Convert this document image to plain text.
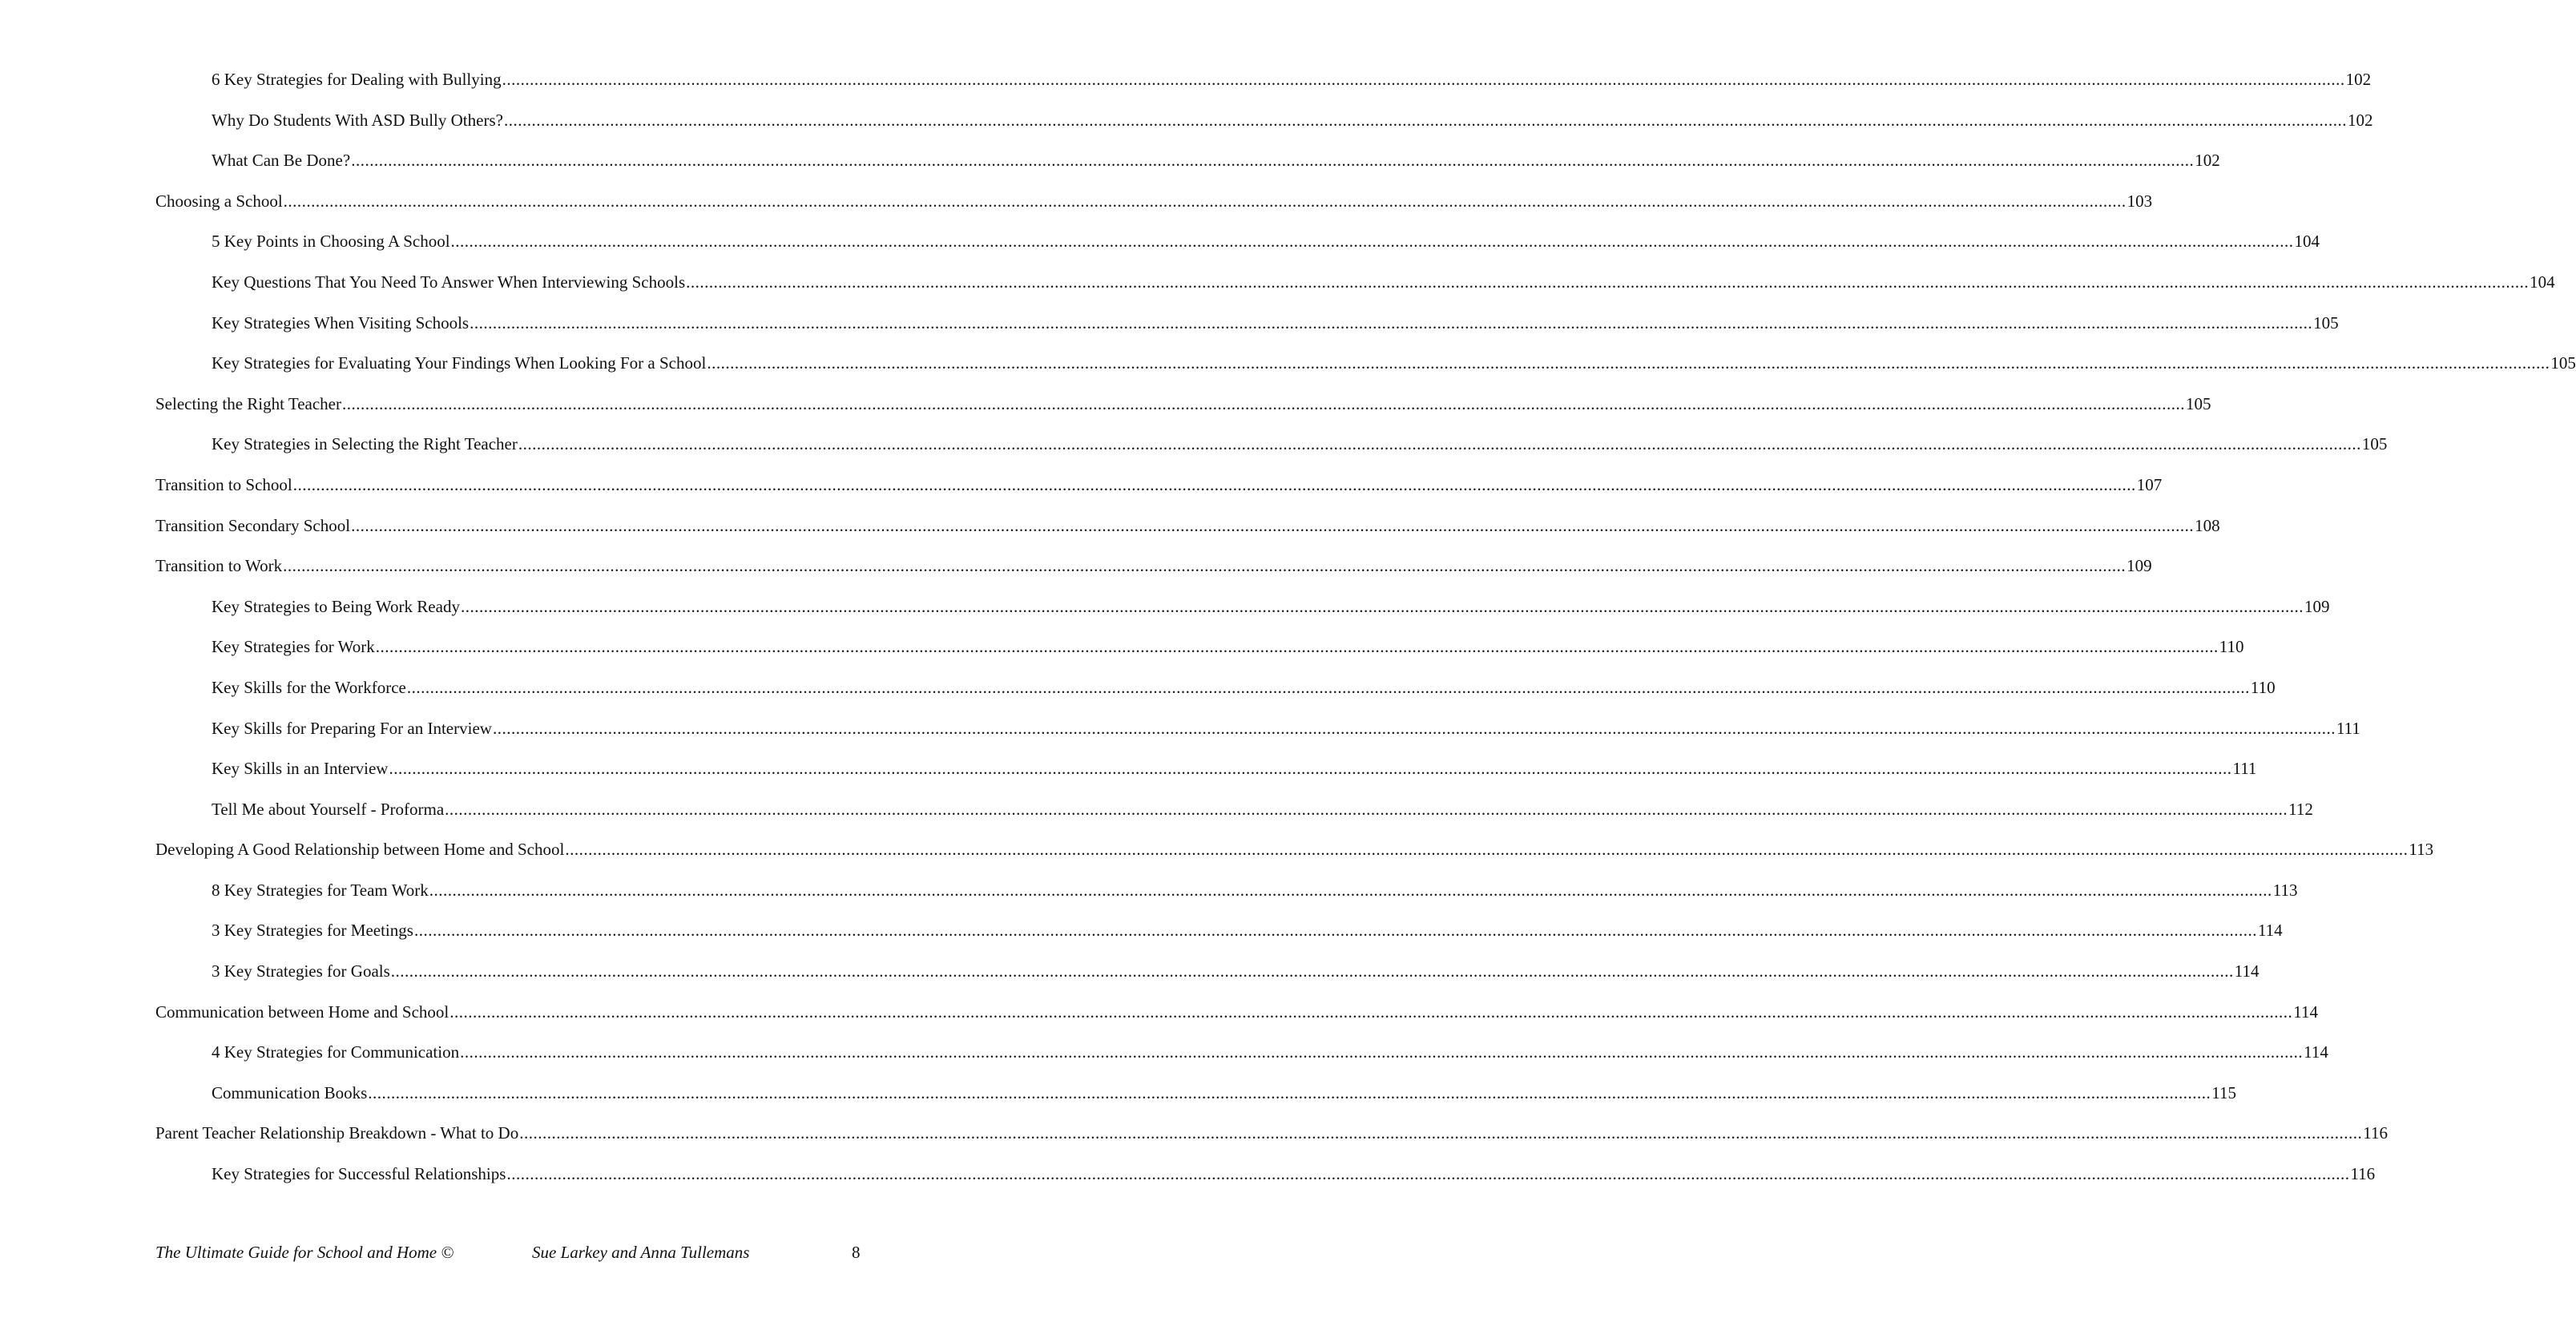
6 Key Strategies for Dealing with Bullying ................................................................................................................................................................................................................................................................................................................................................................................................................ 102
Why Do Students With ASD Bully Others? ................................................................................................................................................................................................................................................................................................................................................................................................................ 102
What Can Be Done? ................................................................................................................................................................................................................................................................................................................................................................................................................ 102
Choosing a School ................................................................................................................................................................................................................................................................................................................................................................................................................ 103
5 Key Points in Choosing A School ................................................................................................................................................................................................................................................................................................................................................................................................................ 104
Key Questions That You Need To Answer When Interviewing Schools ................................................................................................................................................................................................................................................................................................................................................................................................................ 104
Key Strategies When Visiting Schools ................................................................................................................................................................................................................................................................................................................................................................................................................ 105
Key Strategies for Evaluating Your Findings When Looking For a School ................................................................................................................................................................................................................................................................................................................................................................................................................ 105
Selecting the Right Teacher ................................................................................................................................................................................................................................................................................................................................................................................................................ 105
Key Strategies in Selecting the Right Teacher ................................................................................................................................................................................................................................................................................................................................................................................................................ 105
Transition to School ................................................................................................................................................................................................................................................................................................................................................................................................................ 107
Transition Secondary School ................................................................................................................................................................................................................................................................................................................................................................................................................ 108
Transition to Work ................................................................................................................................................................................................................................................................................................................................................................................................................ 109
Key Strategies to Being Work Ready ................................................................................................................................................................................................................................................................................................................................................................................................................ 109
Key Strategies for Work ................................................................................................................................................................................................................................................................................................................................................................................................................ 110
Key Skills for the Workforce ................................................................................................................................................................................................................................................................................................................................................................................................................ 110
Key Skills for Preparing For an Interview ................................................................................................................................................................................................................................................................................................................................................................................................................ 111
Key Skills in an Interview ................................................................................................................................................................................................................................................................................................................................................................................................................ 111
Tell Me about Yourself - Proforma ................................................................................................................................................................................................................................................................................................................................................................................................................ 112
Developing A Good Relationship between Home and School ................................................................................................................................................................................................................................................................................................................................................................................................................ 113
8 Key Strategies for Team Work ................................................................................................................................................................................................................................................................................................................................................................................................................ 113
3 Key Strategies for Meetings ................................................................................................................................................................................................................................................................................................................................................................................................................ 114
3 Key Strategies for Goals ................................................................................................................................................................................................................................................................................................................................................................................................................ 114
Communication between Home and School ................................................................................................................................................................................................................................................................................................................................................................................................................ 114
4 Key Strategies for Communication ................................................................................................................................................................................................................................................................................................................................................................................................................ 114
Communication Books ................................................................................................................................................................................................................................................................................................................................................................................................................ 115
Parent Teacher Relationship Breakdown - What to Do ................................................................................................................................................................................................................................................................................................................................................................................................................ 116
Key Strategies for Successful Relationships ................................................................................................................................................................................................................................................................................................................................................................................................................ 116
The Ultimate Guide for School and Home ©	Sue Larkey and Anna Tullemans	8
